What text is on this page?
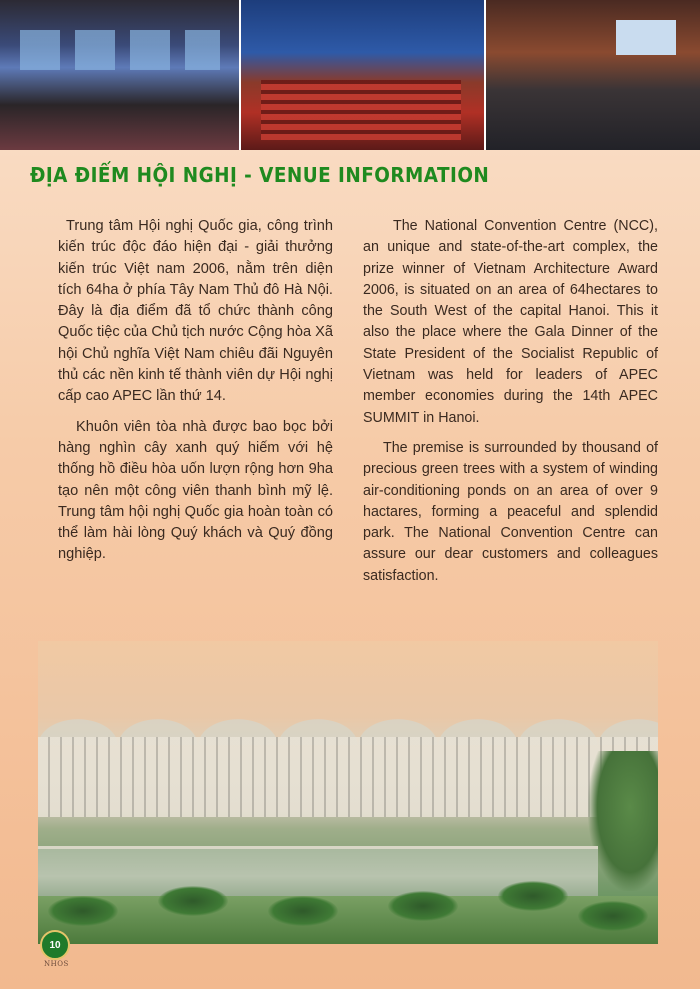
ĐỊA ĐIỂM HỘI NGHỊ - VENUE INFORMATION

Trung tâm Hội nghị Quốc gia, công trình kiến trúc độc đáo hiện đại - giải thưởng kiến trúc Việt nam 2006, nằm trên diện tích 64ha ở phía Tây Nam Thủ đô Hà Nội. Đây là địa điểm đã tổ chức thành công Quốc tiệc của Chủ tịch nước Cộng hòa Xã hội Chủ nghĩa Việt Nam chiêu đãi Nguyên thủ các nền kinh tế thành viên dự Hội nghị cấp cao APEC lần thứ 14.

Khuôn viên tòa nhà được bao bọc bởi hàng nghìn cây xanh quý hiếm với hệ thống hồ điều hòa uốn lượn rộng hơn 9ha tạo nên một công viên thanh bình mỹ lệ. Trung tâm hội nghị Quốc gia hoàn toàn có thể làm hài lòng Quý khách và Quý đồng nghiệp.

The National Convention Centre (NCC), an unique and state-of-the-art complex, the prize winner of Vietnam Architecture Award 2006, is situated on an area of 64hectares to the South West of the capital Hanoi. This it also the place where the Gala Dinner of the State President of the Socialist Republic of Vietnam was held for leaders of APEC member economies during the 14th APEC SUMMIT in Hanoi.

The premise is surrounded by thousand of precious green trees with a system of winding air-conditioning ponds on an area of over 9 hactares, forming a peaceful and splendid park. The National Convention Centre can assure our dear customers and colleagues satisfaction.

10
NHOS
